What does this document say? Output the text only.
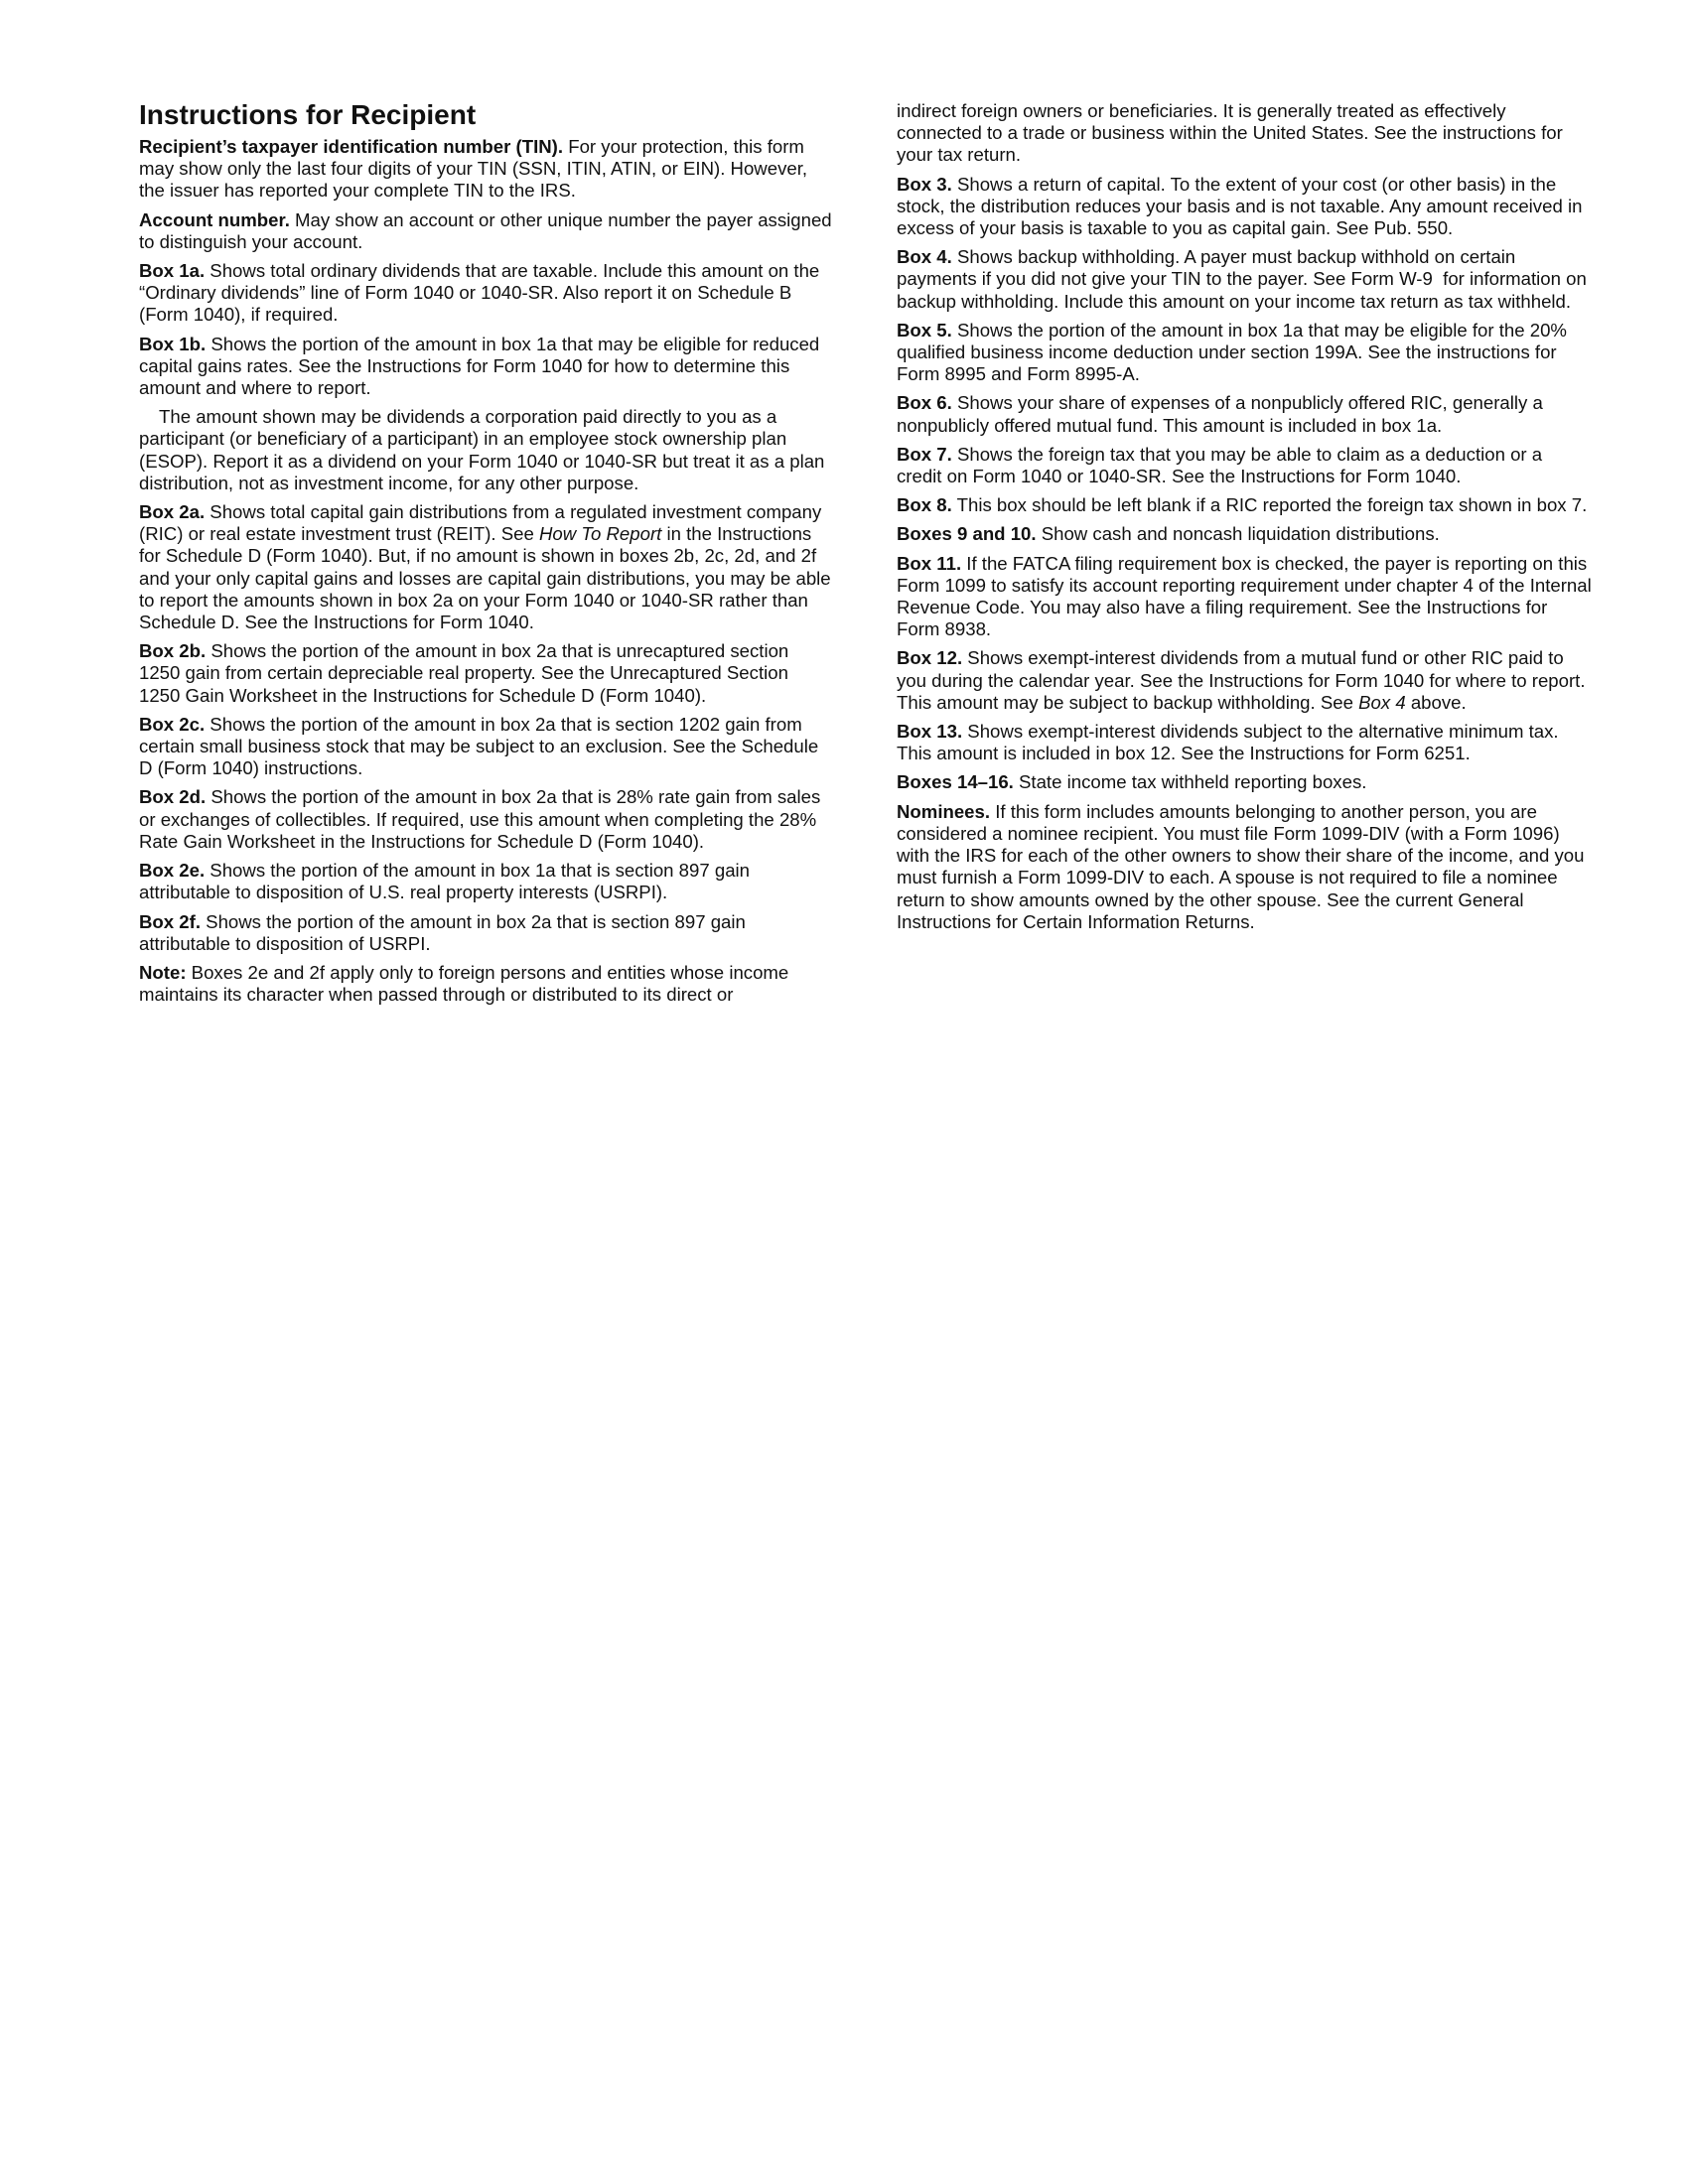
Instructions for Recipient

Recipient’s taxpayer identification number (TIN). For your protection, this form may show only the last four digits of your TIN (SSN, ITIN, ATIN, or EIN). However, the issuer has reported your complete TIN to the IRS.

Account number. May show an account or other unique number the payer assigned to distinguish your account.

Box 1a. Shows total ordinary dividends that are taxable. Include this amount on the “Ordinary dividends” line of Form 1040 or 1040-SR. Also report it on Schedule B (Form 1040), if required.

Box 1b. Shows the portion of the amount in box 1a that may be eligible for reduced capital gains rates. See the Instructions for Form 1040 for how to determine this amount and where to report.

The amount shown may be dividends a corporation paid directly to you as a participant (or beneficiary of a participant) in an employee stock ownership plan (ESOP). Report it as a dividend on your Form 1040 or 1040-SR but treat it as a plan distribution, not as investment income, for any other purpose.

Box 2a. Shows total capital gain distributions from a regulated investment company (RIC) or real estate investment trust (REIT). See How To Report in the Instructions for Schedule D (Form 1040). But, if no amount is shown in boxes 2b, 2c, 2d, and 2f and your only capital gains and losses are capital gain distributions, you may be able to report the amounts shown in box 2a on your Form 1040 or 1040-SR rather than Schedule D. See the Instructions for Form 1040.

Box 2b. Shows the portion of the amount in box 2a that is unrecaptured section 1250 gain from certain depreciable real property. See the Unrecaptured Section 1250 Gain Worksheet in the Instructions for Schedule D (Form 1040).

Box 2c. Shows the portion of the amount in box 2a that is section 1202 gain from certain small business stock that may be subject to an exclusion. See the Schedule D (Form 1040) instructions.

Box 2d. Shows the portion of the amount in box 2a that is 28% rate gain from sales or exchanges of collectibles. If required, use this amount when completing the 28% Rate Gain Worksheet in the Instructions for Schedule D (Form 1040).

Box 2e. Shows the portion of the amount in box 1a that is section 897 gain attributable to disposition of U.S. real property interests (USRPI).

Box 2f. Shows the portion of the amount in box 2a that is section 897 gain attributable to disposition of USRPI.

Note: Boxes 2e and 2f apply only to foreign persons and entities whose income maintains its character when passed through or distributed to its direct or

indirect foreign owners or beneficiaries. It is generally treated as effectively connected to a trade or business within the United States. See the instructions for your tax return.

Box 3. Shows a return of capital. To the extent of your cost (or other basis) in the stock, the distribution reduces your basis and is not taxable. Any amount received in excess of your basis is taxable to you as capital gain. See Pub. 550.

Box 4. Shows backup withholding. A payer must backup withhold on certain payments if you did not give your TIN to the payer. See Form W-9  for information on backup withholding. Include this amount on your income tax return as tax withheld.

Box 5. Shows the portion of the amount in box 1a that may be eligible for the 20% qualified business income deduction under section 199A. See the instructions for Form 8995 and Form 8995-A.

Box 6. Shows your share of expenses of a nonpublicly offered RIC, generally a nonpublicly offered mutual fund. This amount is included in box 1a.

Box 7. Shows the foreign tax that you may be able to claim as a deduction or a credit on Form 1040 or 1040-SR. See the Instructions for Form 1040.

Box 8. This box should be left blank if a RIC reported the foreign tax shown in box 7.

Boxes 9 and 10. Show cash and noncash liquidation distributions.

Box 11. If the FATCA filing requirement box is checked, the payer is reporting on this Form 1099 to satisfy its account reporting requirement under chapter 4 of the Internal Revenue Code. You may also have a filing requirement. See the Instructions for Form 8938.

Box 12. Shows exempt-interest dividends from a mutual fund or other RIC paid to you during the calendar year. See the Instructions for Form 1040 for where to report. This amount may be subject to backup withholding. See Box 4 above.

Box 13. Shows exempt-interest dividends subject to the alternative minimum tax. This amount is included in box 12. See the Instructions for Form 6251.

Boxes 14–16. State income tax withheld reporting boxes.

Nominees. If this form includes amounts belonging to another person, you are considered a nominee recipient. You must file Form 1099-DIV (with a Form 1096) with the IRS for each of the other owners to show their share of the income, and you must furnish a Form 1099-DIV to each. A spouse is not required to file a nominee return to show amounts owned by the other spouse. See the current General Instructions for Certain Information Returns.
